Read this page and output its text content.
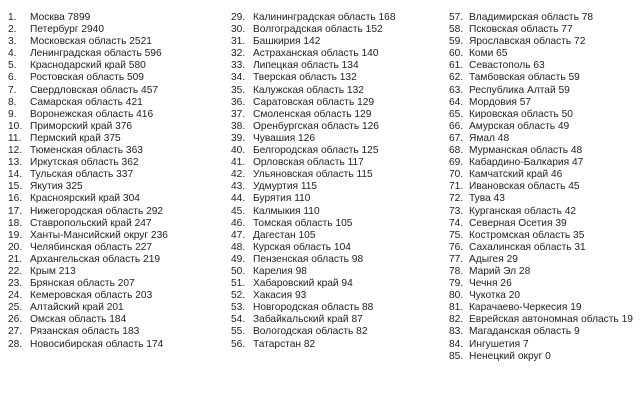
1.	Москва 7899
2.	Петербург 2940
3.	Московская область 2521
4.	Ленинградская область 596
5.	Краснодарский край 580
6.	Ростовская область 509
7.	Свердловская область 457
8.	Самарская область 421
9.	Воронежская область 416
10. Приморский край 376
11. Пермский край 375
12. Тюменская область 363
13. Иркутская область 362
14. Тульская область 337
15. Якутия 325
16. Красноярский край 304
17. Нижегородская область 292
18. Ставропольский край 247
19. Ханты-Мансийский округ 236
20. Челябинская область 227
21. Архангельская область 219
22. Крым 213
23. Брянская область 207
24. Кемеровская область 203
25. Алтайский край 201
26. Омская область 184
27. Рязанская область 183
28. Новосибирская область 174
29. Калининградская область 168
30. Волгоградская область 152
31. Башкирия 142
32. Астраханская область 140
33. Липецкая область 134
34. Тверская область 132
35. Калужская область 132
36. Саратовская область 129
37. Смоленская область 129
38. Оренбургская область 126
39. Чувашия 126
40. Белгородская область 125
41. Орловская область 117
42. Ульяновская область 115
43. Удмуртия 115
44. Бурятия 110
45. Калмыкия 110
46. Томская область 105
47. Дагестан 105
48. Курская область 104
49. Пензенская область 98
50. Карелия 98
51. Хабаровский край 94
52. Хакасия 93
53. Новгородская область 88
54. Забайкальский край 87
55. Вологодская область 82
56. Татарстан 82
57. Владимирская область 78
58. Псковская область 77
59. Ярославская область 72
60. Коми 65
61. Севастополь 63
62. Тамбовская область 59
63. Республика Алтай 59
64. Мордовия 57
65. Кировская область 50
66. Амурская область 49
67. Ямал 48
68. Мурманская область 48
69. Кабардино-Балкария 47
70. Камчатский край 46
71. Ивановская область 45
72. Тува 43
73. Курганская область 42
74. Северная Осетия 39
75. Костромская область 35
76. Сахалинская область 31
77. Адыгея 29
78. Марий Эл 28
79. Чечня 26
80. Чукотка 20
81. Карачаево-Черкесия 19
82. Еврейская автономная область 19
83. Магаданская область 9
84. Ингушетия 7
85. Ненецкий округ 0
